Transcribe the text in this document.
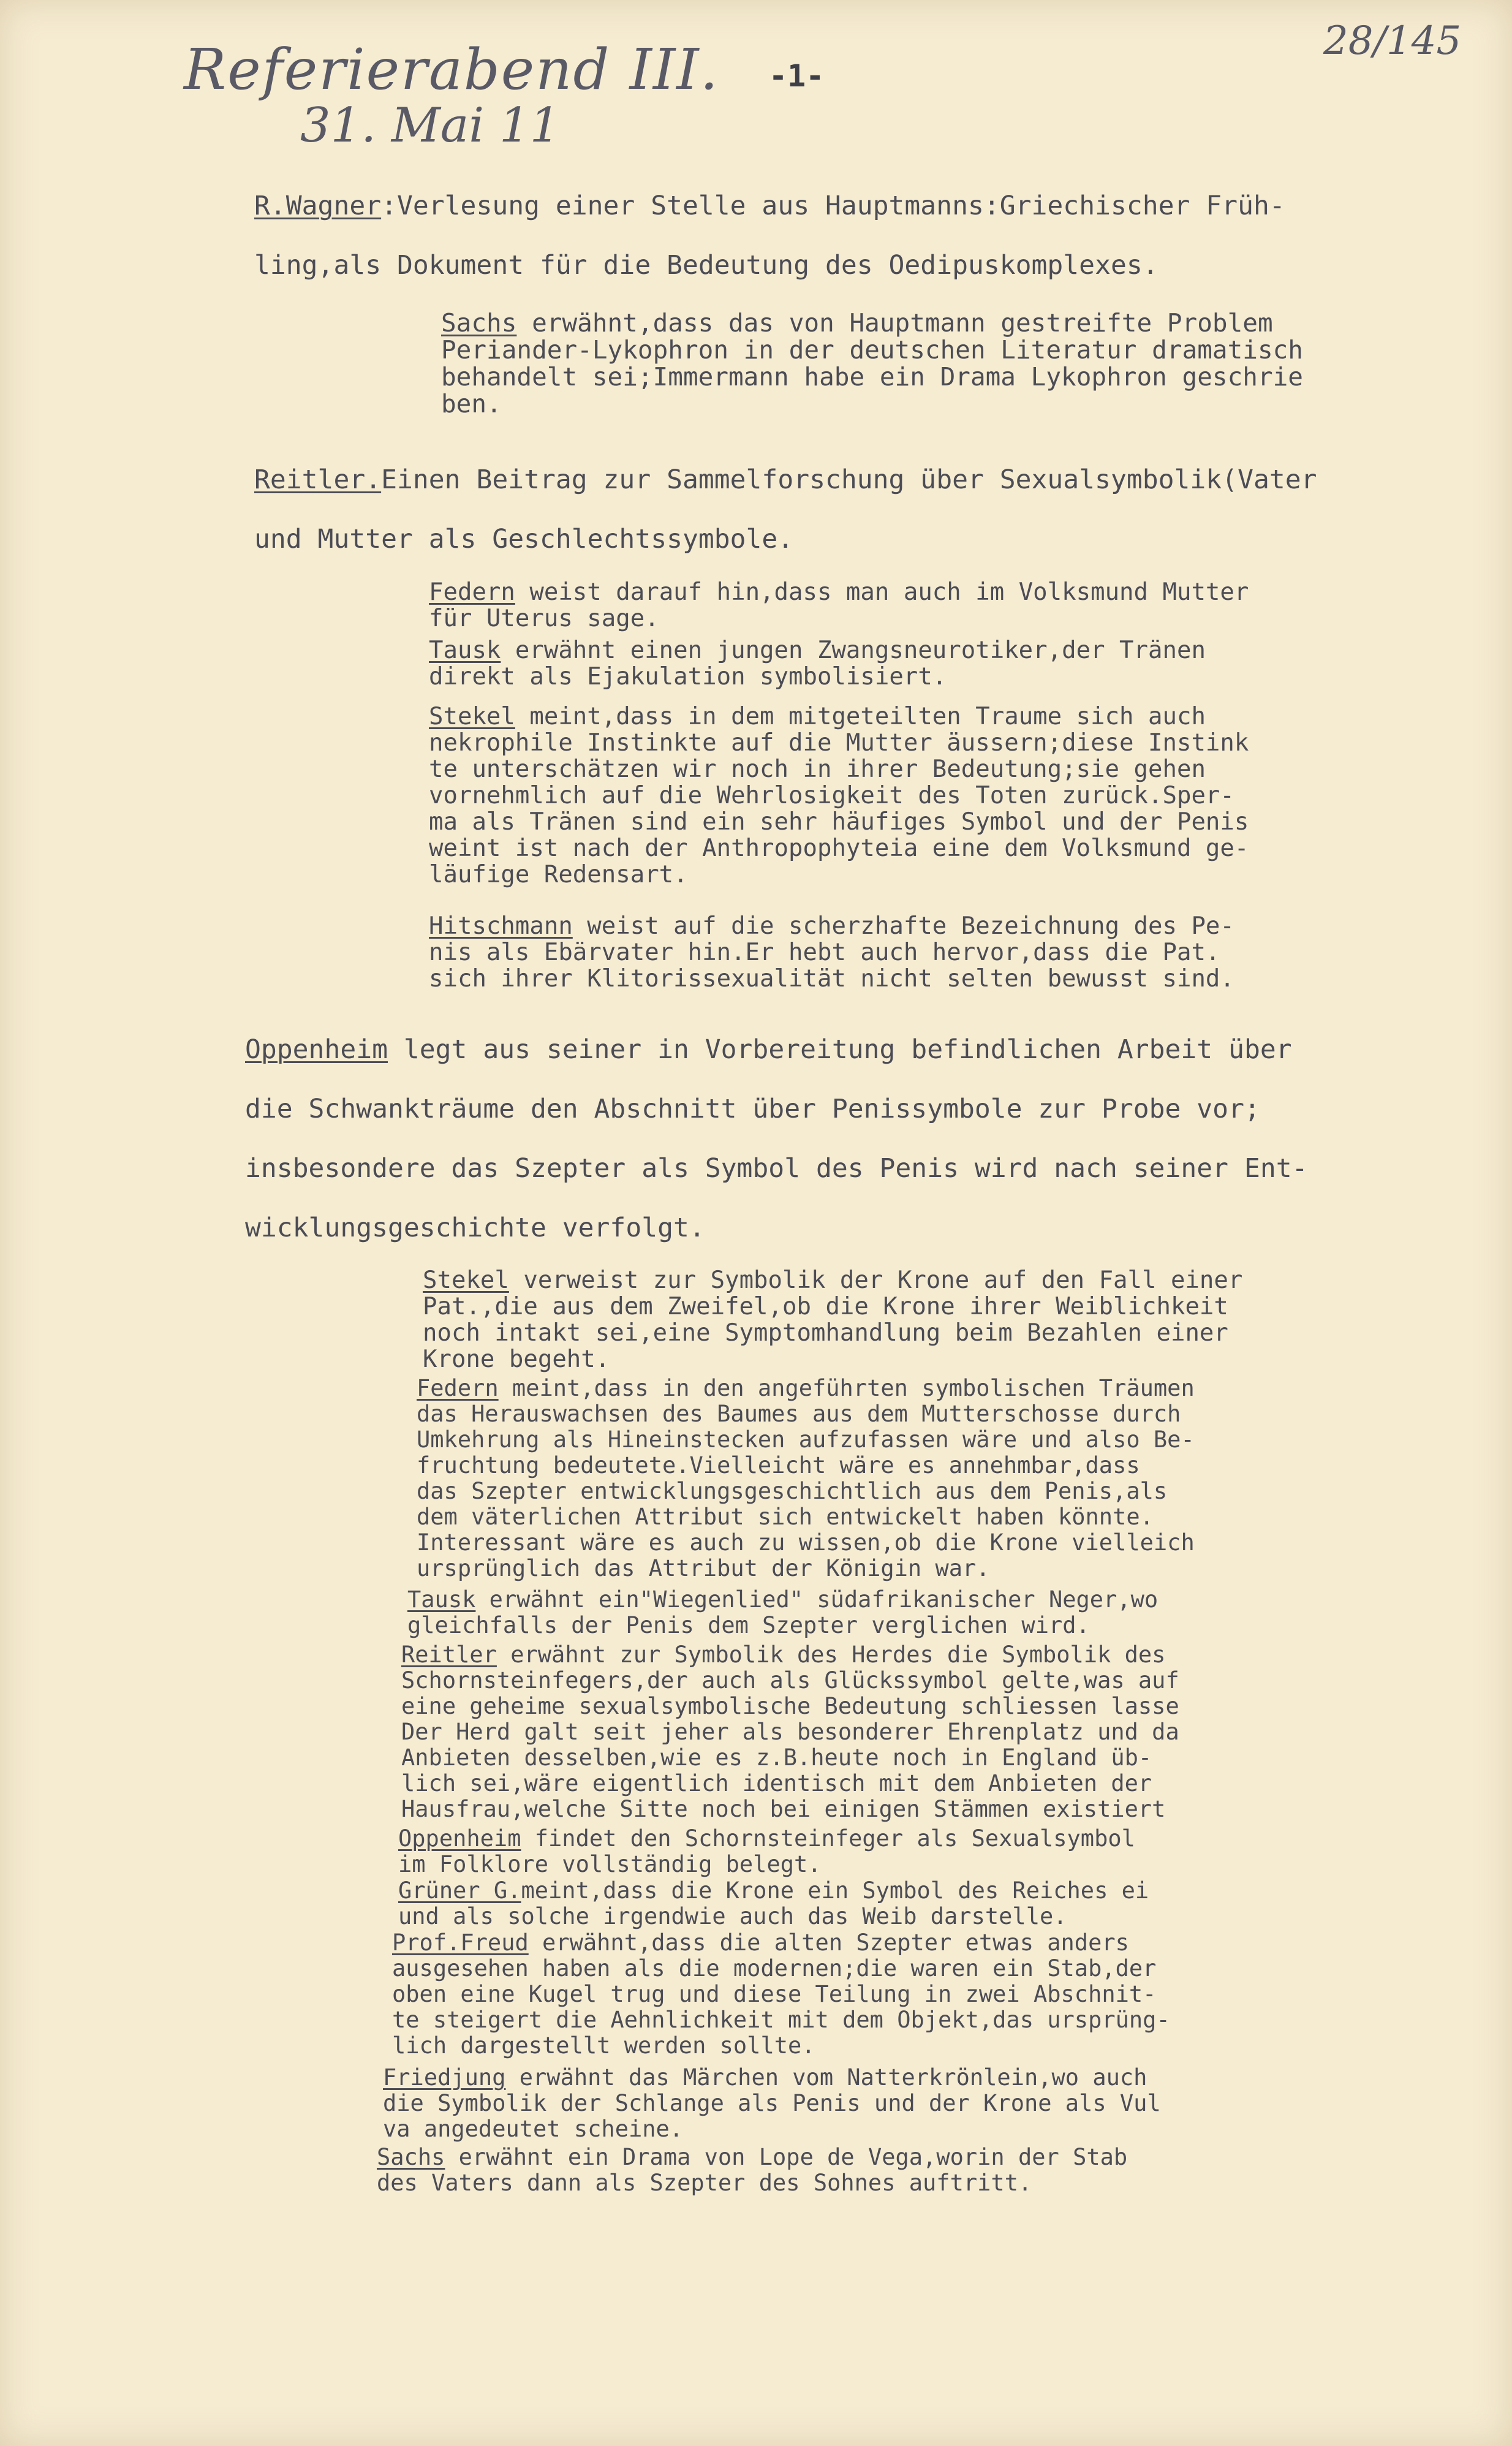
Referierabend III.
31. Mai 11
28/145
-1-
R.Wagner:Verlesung einer Stelle aus Hauptmanns:Griechischer Früh-
ling,als Dokument für die Bedeutung des Oedipuskomplexes.
Sachs erwähnt,dass das von Hauptmann gestreifte Problem
Periander-Lykophron in der deutschen Literatur dramatisch
behandelt sei;Immermann habe ein Drama Lykophron geschrie
ben.
Reitler.Einen Beitrag zur Sammelforschung über Sexualsymbolik(Vater
und Mutter als Geschlechtssymbole.
Federn weist darauf hin,dass man auch im Volksmund Mutter
für Uterus sage.
Tausk erwähnt einen jungen Zwangsneurotiker,der Tränen
direkt als Ejakulation symbolisiert.
Stekel meint,dass in dem mitgeteilten Traume sich auch
nekrophile Instinkte auf die Mutter äussern;diese Instink
te unterschätzen wir noch in ihrer Bedeutung;sie gehen
vornehmlich auf die Wehrlosigkeit des Toten zurück.Sper-
ma als Tränen sind ein sehr häufiges Symbol und der Penis
weint ist nach der Anthropophyteia eine dem Volksmund ge-
läufige Redensart.
Hitschmann weist auf die scherzhafte Bezeichnung des Pe-
nis als Ebärvater hin.Er hebt auch hervor,dass die Pat.
sich ihrer Klitorissexualität nicht selten bewusst sind.
Oppenheim legt aus seiner in Vorbereitung befindlichen Arbeit über
die Schwankträume den Abschnitt über Penissymbole zur Probe vor;
insbesondere das Szepter als Symbol des Penis wird nach seiner Ent-
wicklungsgeschichte verfolgt.
Stekel verweist zur Symbolik der Krone auf den Fall einer
Pat.,die aus dem Zweifel,ob die Krone ihrer Weiblichkeit
noch intakt sei,eine Symptomhandlung beim Bezahlen einer
Krone begeht.
Federn meint,dass in den angeführten symbolischen Träumen
das Herauswachsen des Baumes aus dem Mutterschosse durch
Umkehrung als Hineinstecken aufzufassen wäre und also Be-
fruchtung bedeutete.Vielleicht wäre es annehmbar,dass
das Szepter entwicklungsgeschichtlich aus dem Penis,als
dem väterlichen Attribut sich entwickelt haben könnte.
Interessant wäre es auch zu wissen,ob die Krone vielleich
ursprünglich das Attribut der Königin war.
Tausk erwähnt ein"Wiegenlied" südafrikanischer Neger,wo
gleichfalls der Penis dem Szepter verglichen wird.
Reitler erwähnt zur Symbolik des Herdes die Symbolik des
Schornsteinfegers,der auch als Glückssymbol gelte,was auf
eine geheime sexualsymbolische Bedeutung schliessen lasse
Der Herd galt seit jeher als besonderer Ehrenplatz und da
Anbieten desselben,wie es z.B.heute noch in England üb-
lich sei,wäre eigentlich identisch mit dem Anbieten der
Hausfrau,welche Sitte noch bei einigen Stämmen existiert
Oppenheim findet den Schornsteinfeger als Sexualsymbol
im Folklore vollständig belegt.
Grüner G.meint,dass die Krone ein Symbol des Reiches ei
und als solche irgendwie auch das Weib darstelle.
Prof.Freud erwähnt,dass die alten Szepter etwas anders
ausgesehen haben als die modernen;die waren ein Stab,der
oben eine Kugel trug und diese Teilung in zwei Abschnit-
te steigert die Aehnlichkeit mit dem Objekt,das ursprüng-
lich dargestellt werden sollte.
Friedjung erwähnt das Märchen vom Natterkrönlein,wo auch
die Symbolik der Schlange als Penis und der Krone als Vul
va angedeutet scheine.
Sachs erwähnt ein Drama von Lope de Vega,worin der Stab
des Vaters dann als Szepter des Sohnes auftritt.
